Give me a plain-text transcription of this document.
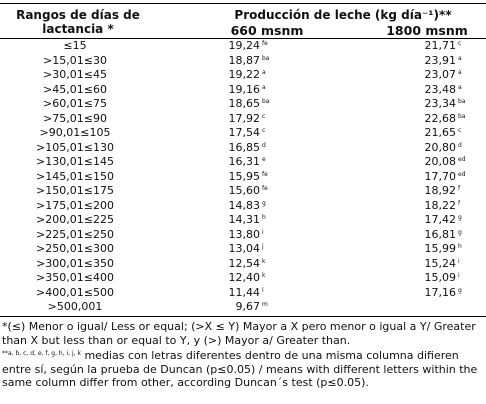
Rangos de días de lactancia *
Producción de leche (kg día⁻¹)**
660 msnm	1800 msnm
≤15	19,24 fe	21,71 c
>15,01≤30	18,87 ba	23,91 a
>30,01≤45	19,22 a	23,07 a
>45,01≤60	19,16 a	23,48 a
>60,01≤75	18,65 ba	23,34 ba
>75,01≤90	17,92 c	22,68 ba
>90,01≤105	17,54 c	21,65 c
>105,01≤130	16,85 d	20,80 d
>130,01≤145	16,31 e	20,08 ed
>145,01≤150	15,95 fe	17,70 ed
>150,01≤175	15,60 fe	18,92 f
>175,01≤200	14,83 g	18,22 f
>200,01≤225	14,31 h	17,42 g
>225,01≤250	13,80 i	16,81 g
>250,01≤300	13,04 j	15,99 h
>300,01≤350	12,54 k	15,24 i
>350,01≤400	12,40 k	15,09 i
>400,01≤500	11,44 l	17,16 g
>500,001	9,67 m	

*(≤) Menor o igual/ Less or equal; (>X ≤ Y) Mayor a X pero menor o igual a Y/ Greater than X but less than or equal to Y, y (>) Mayor a/ Greater than.

$^{**a, b, c, d, e, f, g, h, i, j, k}$ medias con letras diferentes dentro de una misma columna difieren entre sí, según la prueba de Duncan (p≤0.05) / means with different letters within the same column differ from other, according Duncan´s test (p≤0.05).
